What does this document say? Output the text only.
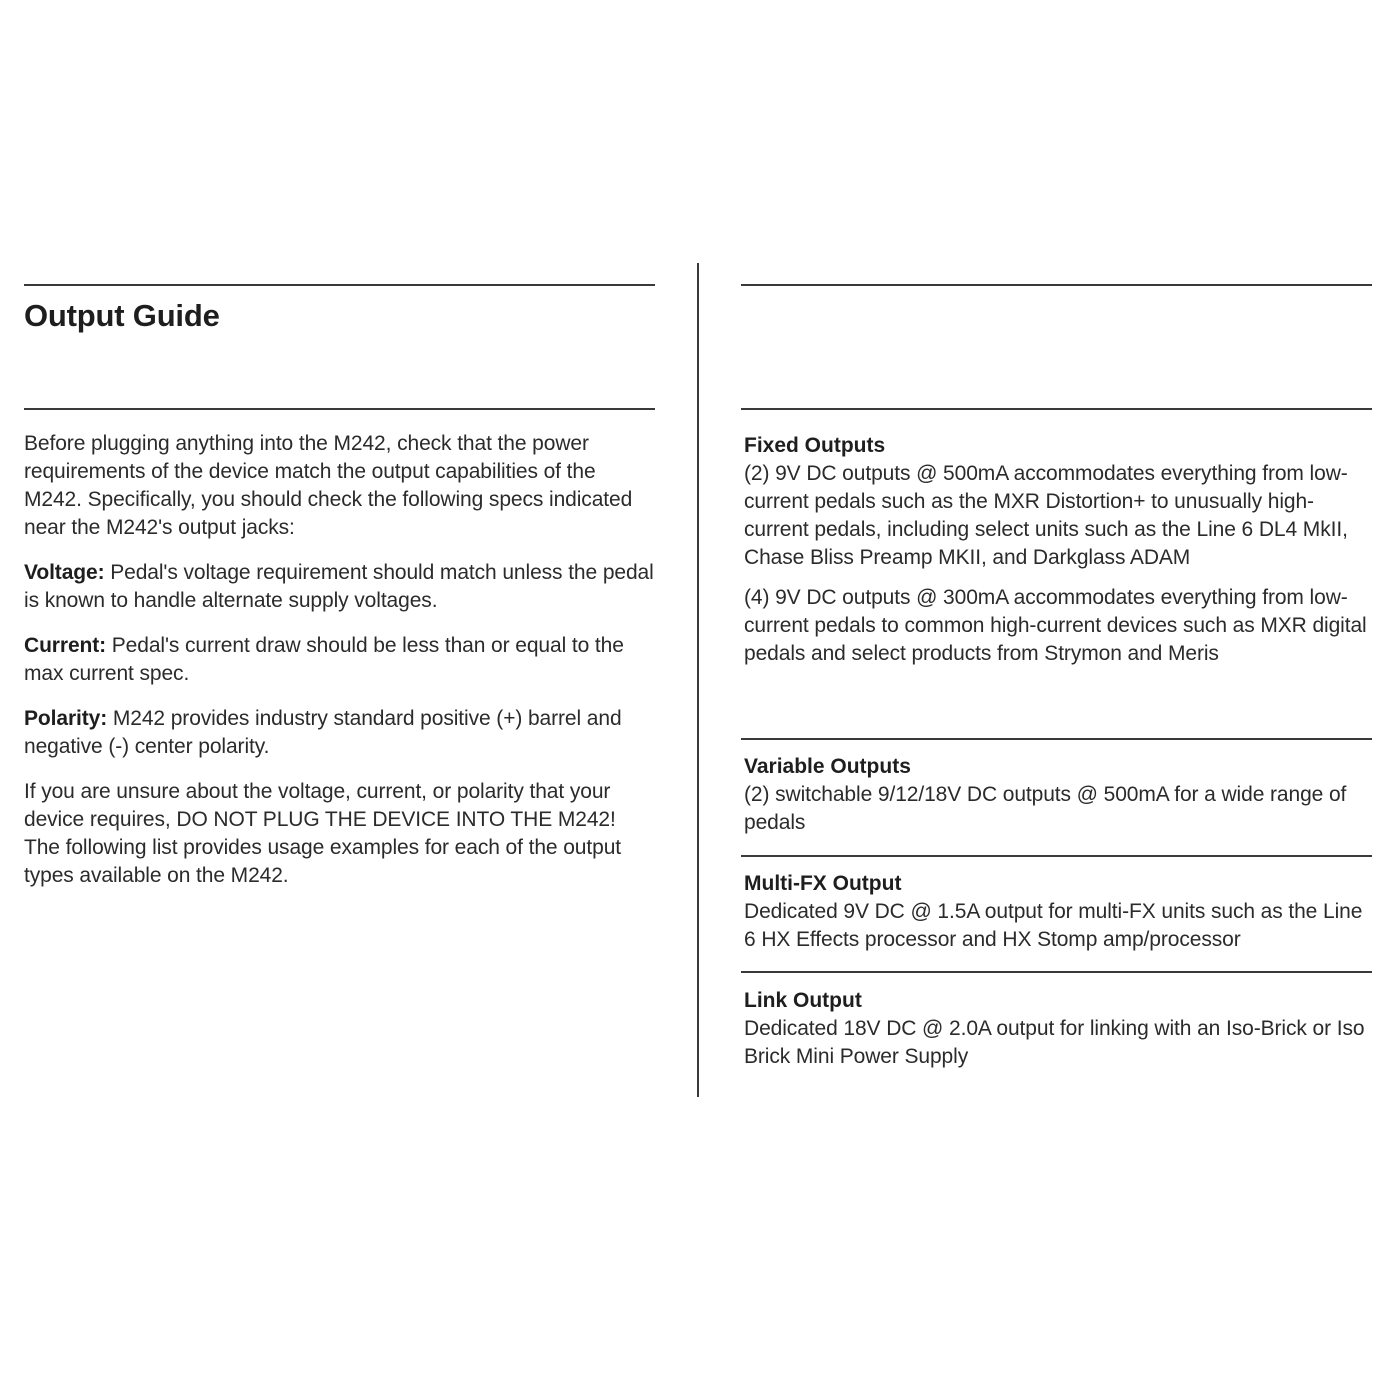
Output Guide

Before plugging anything into the M242, check that the power requirements of the device match the output capabilities of the M242. Specifically, you should check the following specs indicated near the M242's output jacks:

Voltage: Pedal's voltage requirement should match unless the pedal is known to handle alternate supply voltages.

Current: Pedal's current draw should be less than or equal to the max current spec.

Polarity: M242 provides industry standard positive (+) barrel and negative (-) center polarity.

If you are unsure about the voltage, current, or polarity that your device requires, DO NOT PLUG THE DEVICE INTO THE M242! The following list provides usage examples for each of the output types available on the M242.

Fixed Outputs

(2) 9V DC outputs @ 500mA accommodates everything from low-current pedals such as the MXR Distortion+ to unusually high-current pedals, including select units such as the Line 6 DL4 MkII, Chase Bliss Preamp MKII, and Darkglass ADAM

(4) 9V DC outputs @ 300mA accommodates everything from low-current pedals to common high-current devices such as MXR digital pedals and select products from Strymon and Meris

Variable Outputs

(2) switchable 9/12/18V DC outputs @ 500mA for a wide range of pedals

Multi-FX Output

Dedicated 9V DC @ 1.5A output for multi-FX units such as the Line 6 HX Effects processor and HX Stomp amp/processor

Link Output

Dedicated 18V DC @ 2.0A output for linking with an Iso-Brick or Iso Brick Mini Power Supply
